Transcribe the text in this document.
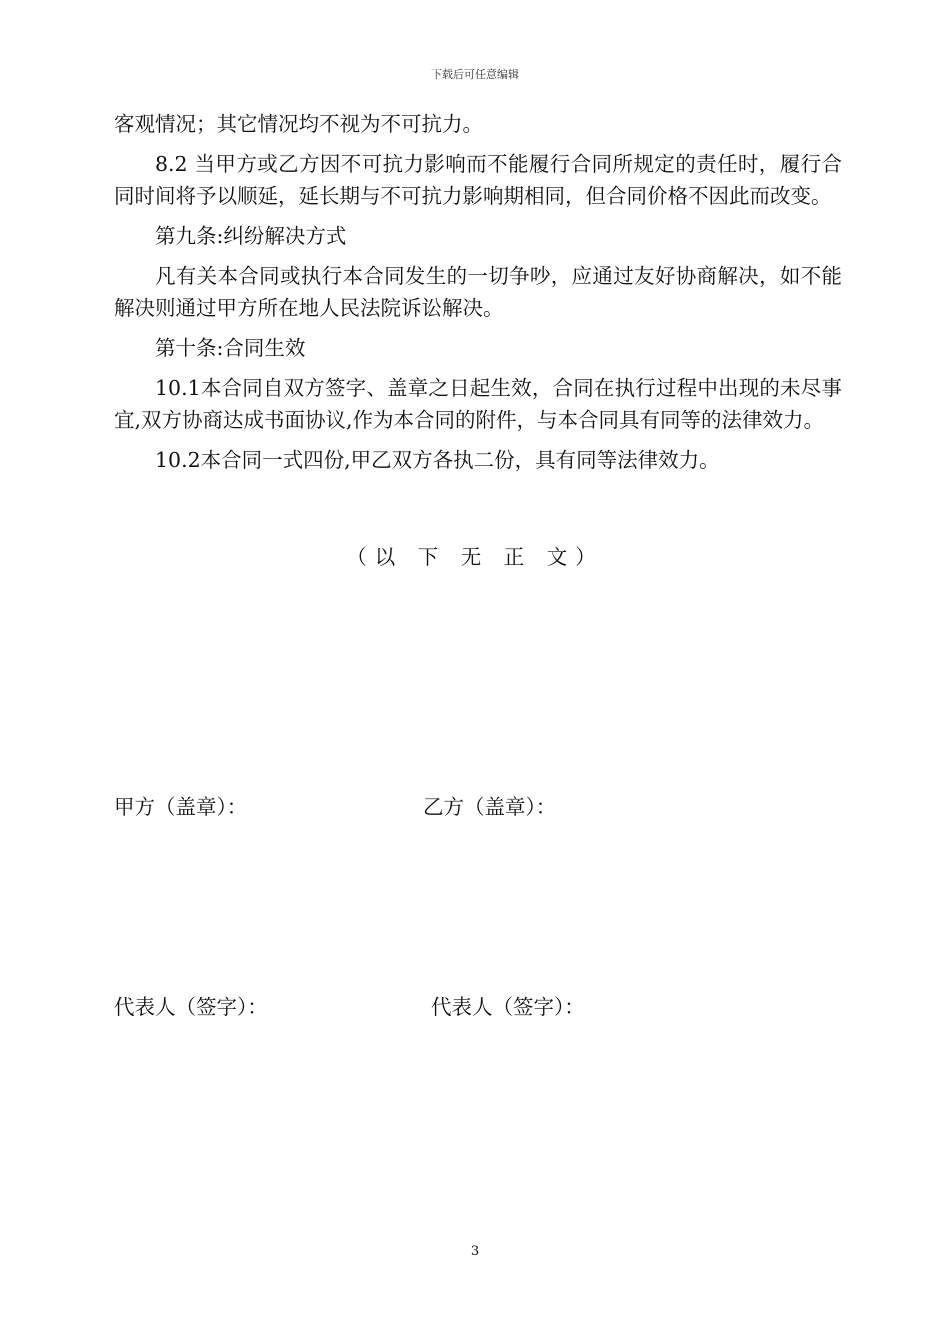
下载后可任意编辑

客观情况；其它情况均不视为不可抗力。

8.2 当甲方或乙方因不可抗力影响而不能履行合同所规定的责任时，履行合同时间将予以顺延，延长期与不可抗力影响期相同，但合同价格不因此而改变。

第九条:纠纷解决方式

凡有关本合同或执行本合同发生的一切争吵，应通过友好协商解决，如不能解决则通过甲方所在地人民法院诉讼解决。

第十条:合同生效

10.1本合同自双方签字、盖章之日起生效，合同在执行过程中出现的未尽事宜,双方协商达成书面协议,作为本合同的附件，与本合同具有同等的法律效力。

10.2本合同一式四份,甲乙双方各执二份，具有同等法律效力。

（以 下 无 正 文）
甲方（盖章）：	乙方（盖章）：
代表人（签字）：	代表人（签字）：
3
